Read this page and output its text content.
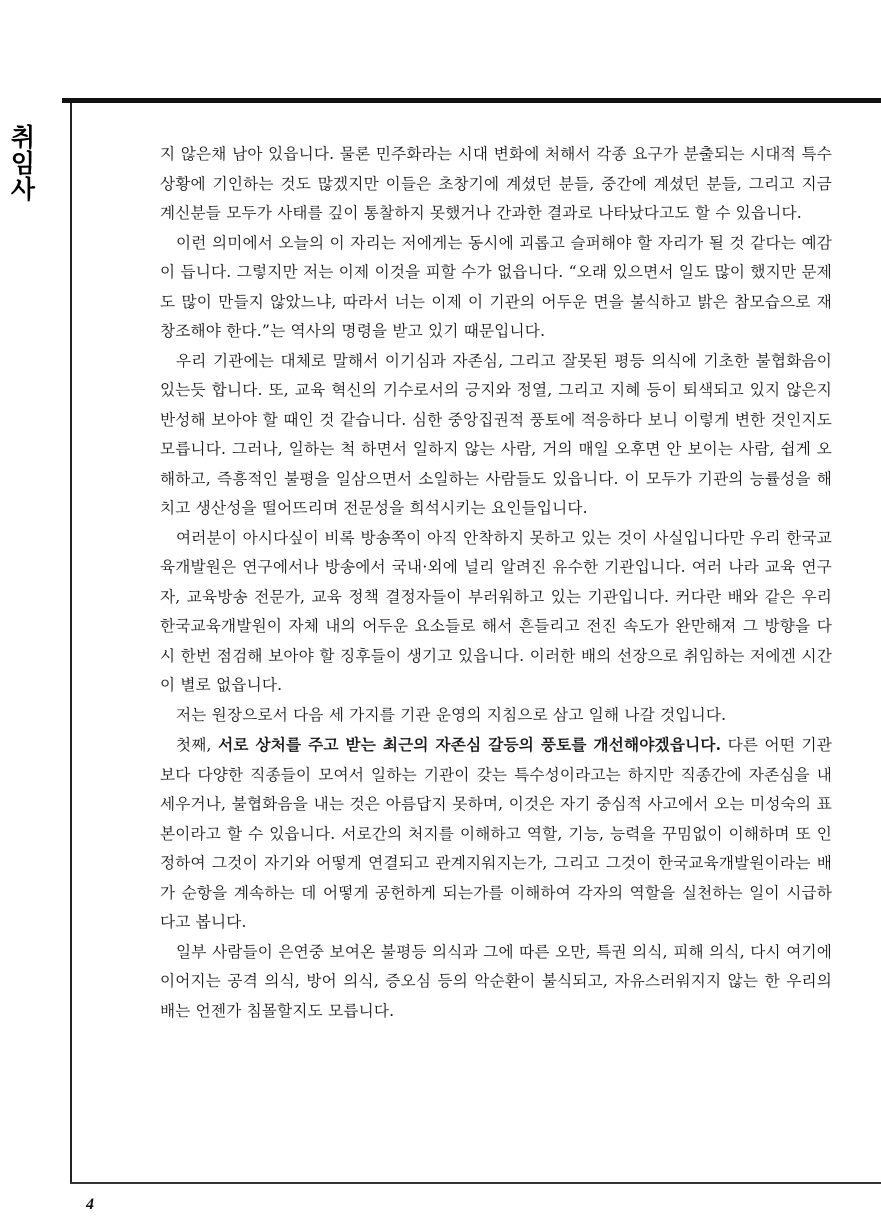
취
임
사

지 않은채 남아 있읍니다. 물론 민주화라는 시대 변화에 처해서 각종 요구가 분출되는 시대적 특수 상황에 기인하는 것도 많겠지만 이들은 초창기에 계셨던 분들, 중간에 계셨던 분들, 그리고 지금 계신분들 모두가 사태를 깊이 통찰하지 못했거나 간과한 결과로 나타났다고도 할 수 있읍니다.

이런 의미에서 오늘의 이 자리는 저에게는 동시에 괴롭고 슬퍼해야 할 자리가 될 것 같다는 예감이 듭니다. 그렇지만 저는 이제 이것을 피할 수가 없읍니다. “오래 있으면서 일도 많이 했지만 문제도 많이 만들지 않았느냐, 따라서 너는 이제 이 기관의 어두운 면을 불식하고 밝은 참모습으로 재창조해야 한다.”는 역사의 명령을 받고 있기 때문입니다.

우리 기관에는 대체로 말해서 이기심과 자존심, 그리고 잘못된 평등 의식에 기초한 불협화음이 있는듯 합니다. 또, 교육 혁신의 기수로서의 긍지와 정열, 그리고 지혜 등이 퇴색되고 있지 않은지 반성해 보아야 할 때인 것 같습니다. 심한 중앙집권적 풍토에 적응하다 보니 이렇게 변한 것인지도 모릅니다. 그러나, 일하는 척 하면서 일하지 않는 사람, 거의 매일 오후면 안 보이는 사람, 쉽게 오해하고, 즉흥적인 불평을 일삼으면서 소일하는 사람들도 있읍니다. 이 모두가 기관의 능률성을 해치고 생산성을 떨어뜨리며 전문성을 희석시키는 요인들입니다.

여러분이 아시다싶이 비록 방송쪽이 아직 안착하지 못하고 있는 것이 사실입니다만 우리 한국교육개발원은 연구에서나 방송에서 국내·외에 널리 알려진 유수한 기관입니다. 여러 나라 교육 연구자, 교육방송 전문가, 교육 정책 결정자들이 부러워하고 있는 기관입니다. 커다란 배와 같은 우리 한국교육개발원이 자체 내의 어두운 요소들로 해서 흔들리고 전진 속도가 완만해져 그 방향을 다시 한번 점검해 보아야 할 징후들이 생기고 있읍니다. 이러한 배의 선장으로 취임하는 저에겐 시간이 별로 없읍니다.

저는 원장으로서 다음 세 가지를 기관 운영의 지침으로 삼고 일해 나갈 것입니다.

첫째, 서로 상처를 주고 받는 최근의 자존심 갈등의 풍토를 개선해야겠읍니다. 다른 어떤 기관보다 다양한 직종들이 모여서 일하는 기관이 갖는 특수성이라고는 하지만 직종간에 자존심을 내 세우거나, 불협화음을 내는 것은 아름답지 못하며, 이것은 자기 중심적 사고에서 오는 미성숙의 표본이라고 할 수 있읍니다. 서로간의 처지를 이해하고 역할, 기능, 능력을 꾸밈없이 이해하며 또 인정하여 그것이 자기와 어떻게 연결되고 관계지워지는가, 그리고 그것이 한국교육개발원이라는 배가 순항을 계속하는 데 어떻게 공헌하게 되는가를 이해하여 각자의 역할을 실천하는 일이 시급하다고 봅니다.

일부 사람들이 은연중 보여온 불평등 의식과 그에 따른 오만, 특권 의식, 피해 의식, 다시 여기에 이어지는 공격 의식, 방어 의식, 증오심 등의 악순환이 불식되고, 자유스러워지지 않는 한 우리의 배는 언젠가 침몰할지도 모릅니다.

4
